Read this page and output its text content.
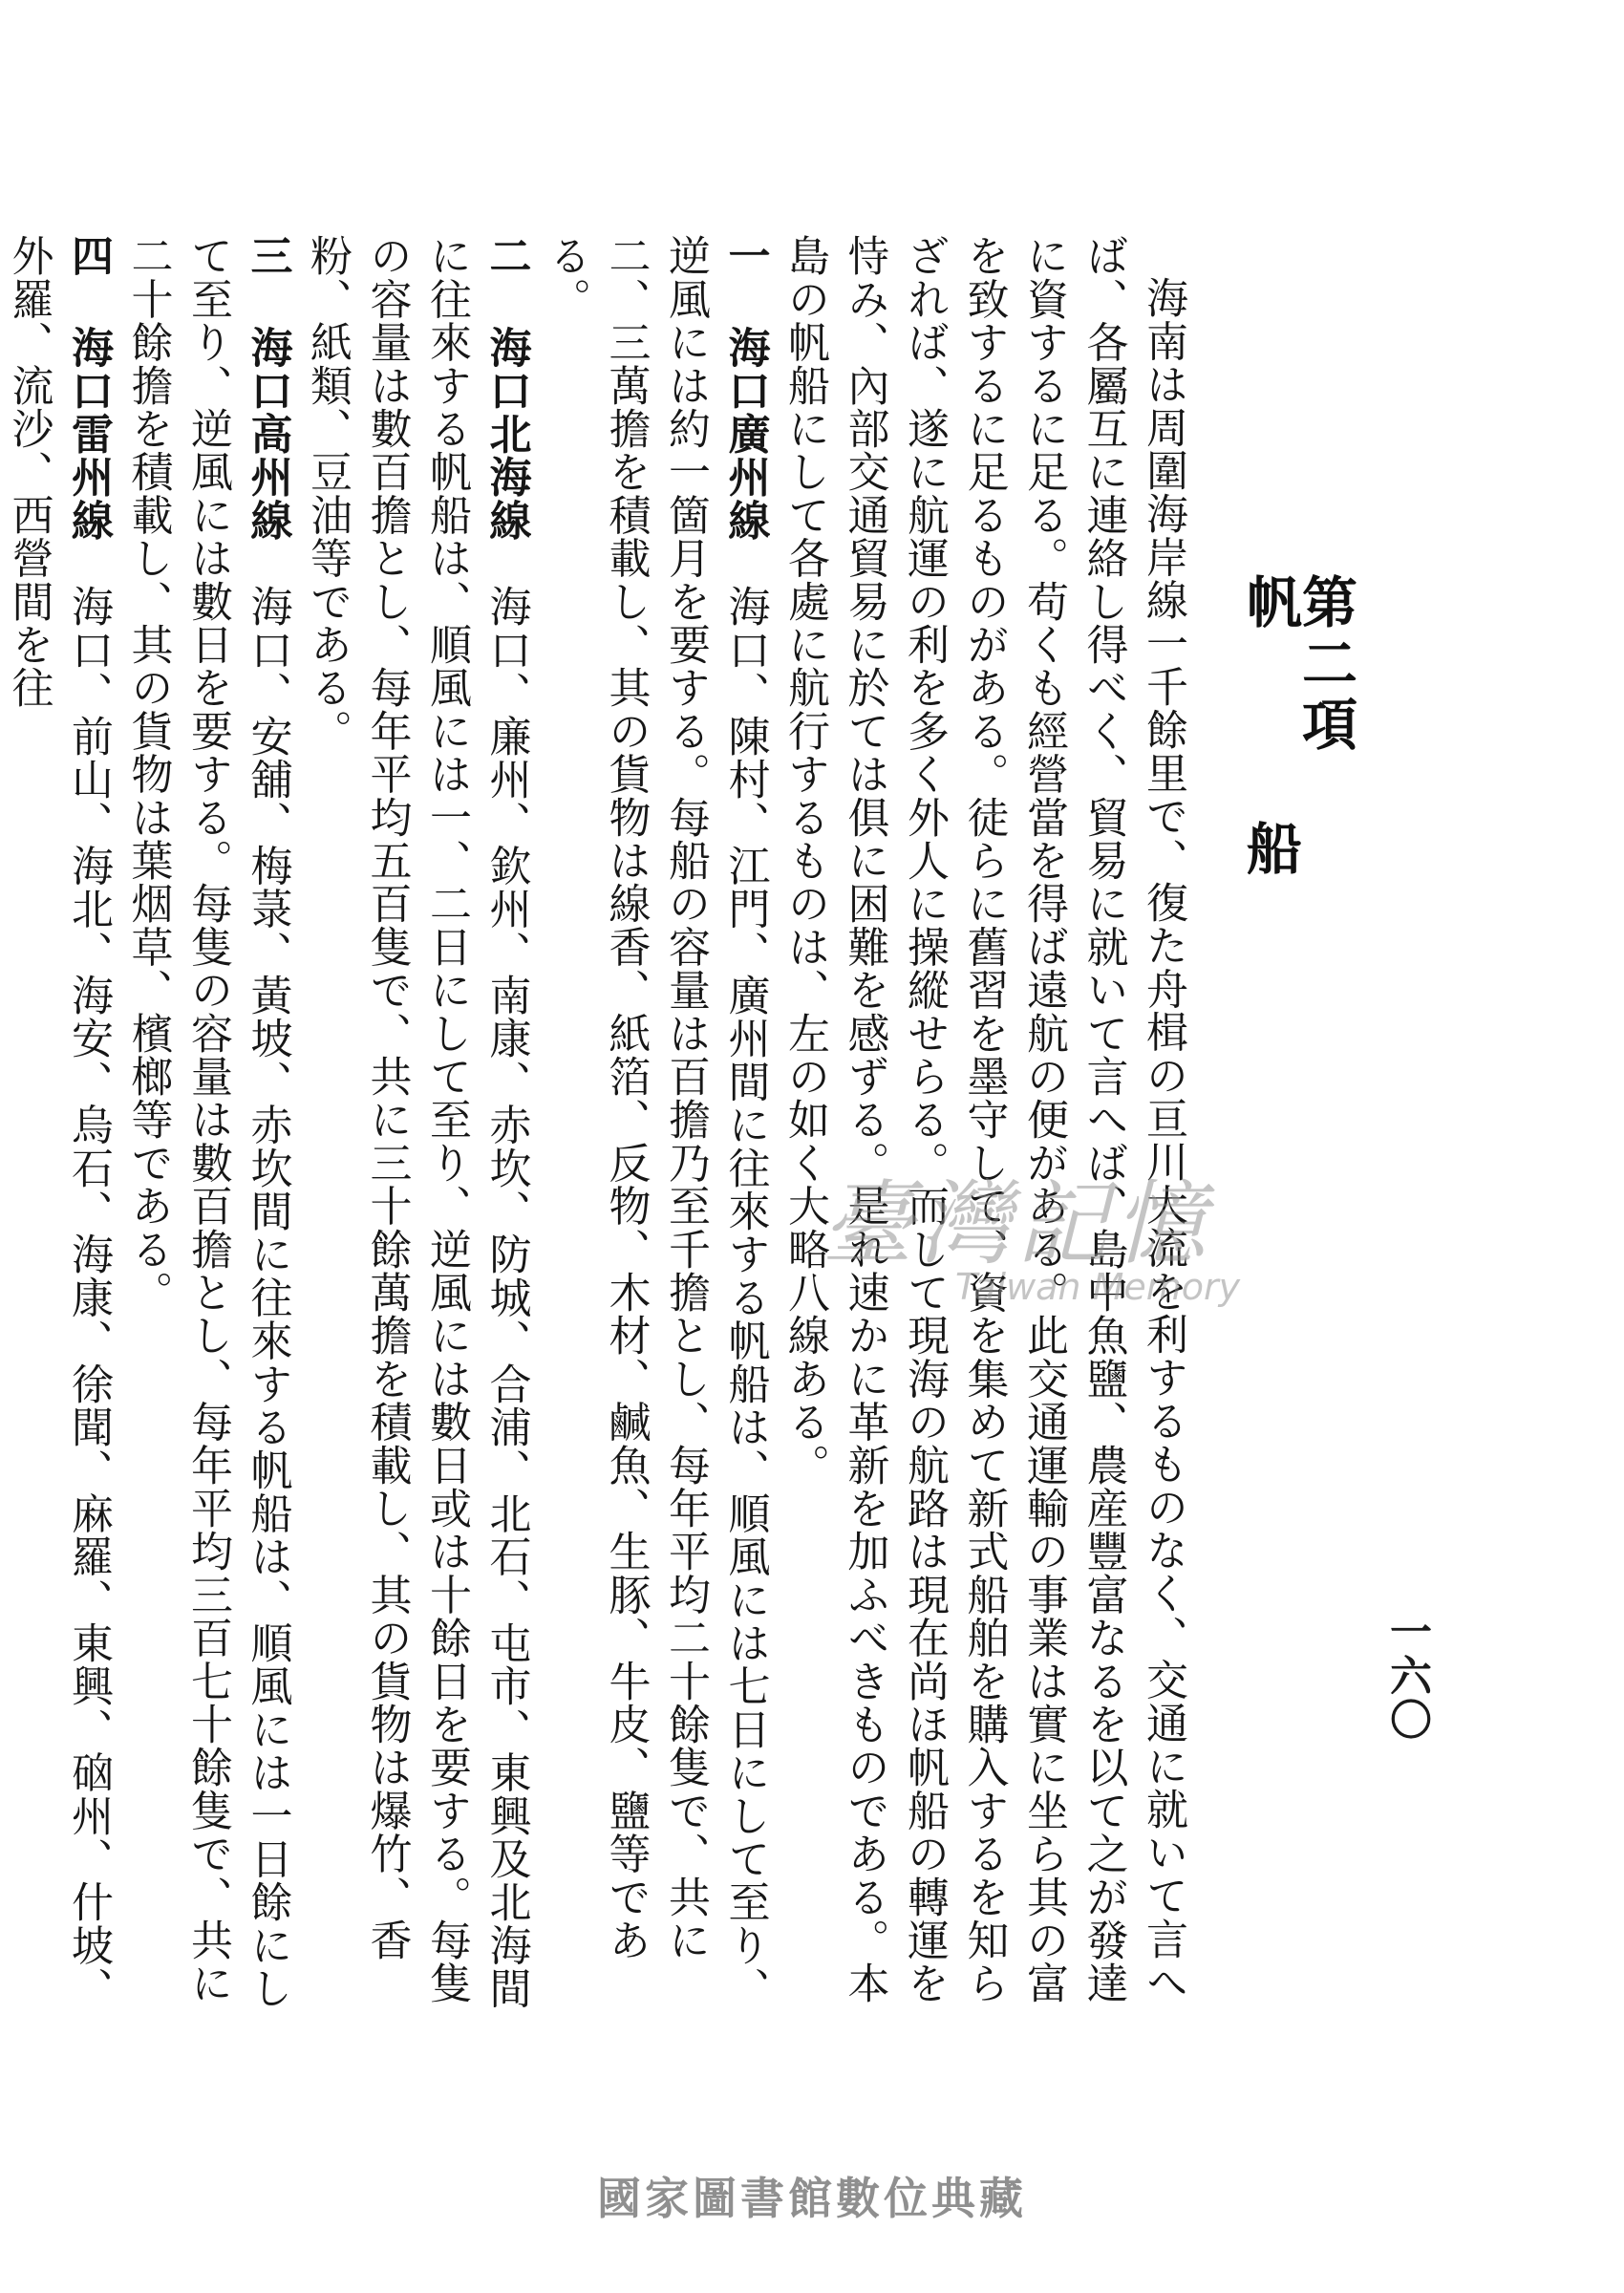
一六〇
第二項
帆船

海南は周圍海岸線一千餘里で、復た舟楫の亘川大流を利するものなく、交通に就いて言へば、各屬互に連絡し得べく、貿易に就いて言へば、島中魚鹽、農産豐富なるを以て之が發達に資するに足る。苟くも經營當を得ば遠航の便がある。此交通運輸の事業は實に坐ら其の富を致するに足るものがある。徒らに舊習を墨守して、資を集めて新式船舶を購入するを知らざれば、遂に航運の利を多く外人に操縱せらる。而して現海の航路は現在尚ほ帆船の轉運を恃み、內部交通貿易に於ては俱に困難を感ずる。是れ速かに革新を加ふべきものである。本島の帆船にして各處に航行するものは、左の如く大略八線ある。

一 海口廣州線　海口、陳村、江門、廣州間に往來する帆船は、順風には七日にして至り、逆風には約一箇月を要する。每船の容量は百擔乃至千擔とし、每年平均二十餘隻で、共に二、三萬擔を積載し、其の貨物は線香、紙箔、反物、木材、鹹魚、生豚、牛皮、鹽等である。

二 海口北海線　海口、廉州、欽州、南康、赤坎、防城、合浦、北石、屯市、東興及北海間に往來する帆船は、順風には一、二日にして至り、逆風には數日或は十餘日を要する。每隻の容量は數百擔とし、每年平均五百隻で、共に三十餘萬擔を積載し、其の貨物は爆竹、香粉、紙類、豆油等である。

三 海口高州線　海口、安舖、梅菉、黃坡、赤坎間に往來する帆船は、順風には一日餘にして至り、逆風には數日を要する。每隻の容量は數百擔とし、每年平均三百七十餘隻で、共に二十餘擔を積載し、其の貨物は葉烟草、檳榔等である。

四 海口雷州線　海口、前山、海北、海安、烏石、海康、徐聞、麻羅、東興、硇州、什坡、外羅、流沙、西營間を往

臺灣記憶
Taiwan Memory
國家圖書館數位典藏
